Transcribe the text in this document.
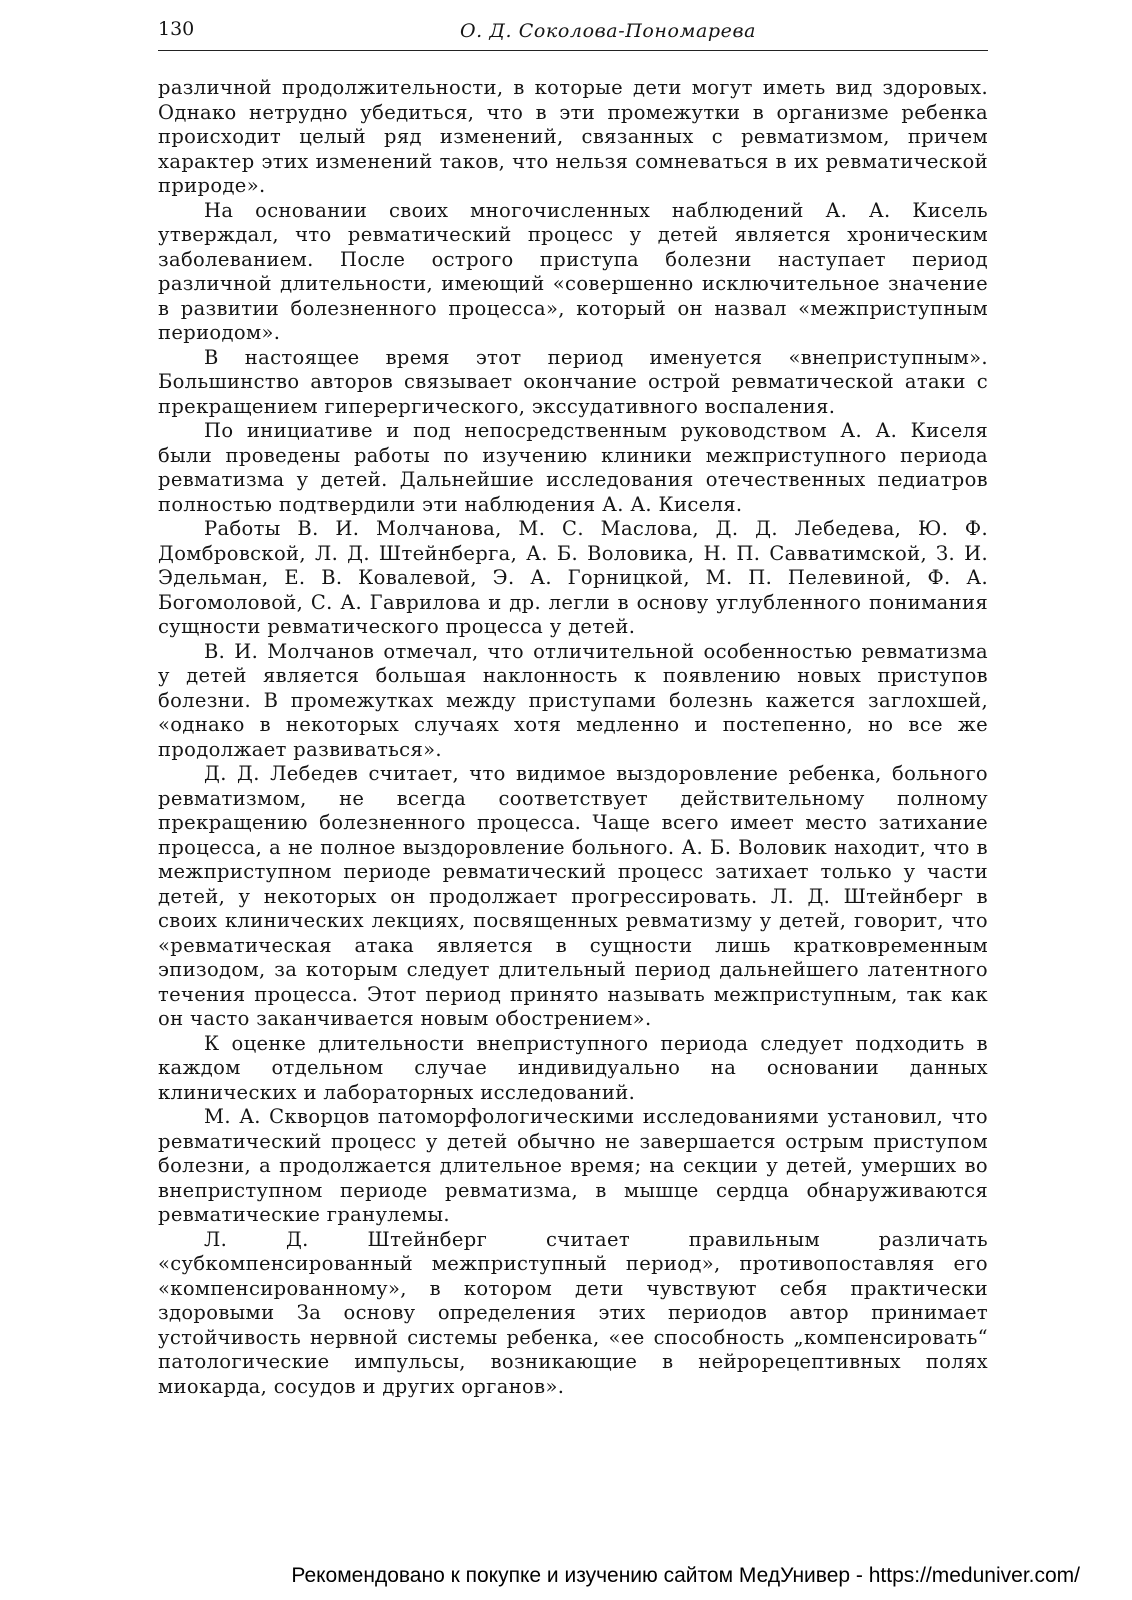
130	О. Д. Соколова-Пономарева

различной продолжительности, в которые дети могут иметь вид здоровых. Однако нетрудно убедиться, что в эти промежутки в организме ребенка происходит целый ряд изменений, связанных с ревматизмом, причем характер этих изменений таков, что нельзя сомневаться в их ревматической природе».

На основании своих многочисленных наблюдений А. А. Кисель утверждал, что ревматический процесс у детей является хроническим заболеванием. После острого приступа болезни наступает период различной длительности, имеющий «совершенно исключительное значение в развитии болезненного процесса», который он назвал «межприступным периодом».

В настоящее время этот период именуется «внеприступным». Большинство авторов связывает окончание острой ревматической атаки с прекращением гиперергического, экссудативного воспаления.

По инициативе и под непосредственным руководством А. А. Киселя были проведены работы по изучению клиники межприступного периода ревматизма у детей. Дальнейшие исследования отечественных педиатров полностью подтвердили эти наблюдения А. А. Киселя.

Работы В. И. Молчанова, М. С. Маслова, Д. Д. Лебедева, Ю. Ф. Домбровской, Л. Д. Штейнберга, А. Б. Воловика, Н. П. Савватимской, З. И. Эдельман, Е. В. Ковалевой, Э. А. Горницкой, М. П. Пелевиной, Ф. А. Богомоловой, С. А. Гаврилова и др. легли в основу углубленного понимания сущности ревматического процесса у детей.

В. И. Молчанов отмечал, что отличительной особенностью ревматизма у детей является большая наклонность к появлению новых приступов болезни. В промежутках между приступами болезнь кажется заглохшей, «однако в некоторых случаях хотя медленно и постепенно, но все же продолжает развиваться».

Д. Д. Лебедев считает, что видимое выздоровление ребенка, больного ревматизмом, не всегда соответствует действительному полному прекращению болезненного процесса. Чаще всего имеет место затихание процесса, а не полное выздоровление больного. А. Б. Воловик находит, что в межприступном периоде ревматический процесс затихает только у части детей, у некоторых он продолжает прогрессировать. Л. Д. Штейнберг в своих клинических лекциях, посвященных ревматизму у детей, говорит, что «ревматическая атака является в сущности лишь кратковременным эпизодом, за которым следует длительный период дальнейшего латентного течения процесса. Этот период принято называть межприступным, так как он часто заканчивается новым обострением».

К оценке длительности внеприступного периода следует подходить в каждом отдельном случае индивидуально на основании данных клинических и лабораторных исследований.

М. А. Скворцов патоморфологическими исследованиями установил, что ревматический процесс у детей обычно не завершается острым приступом болезни, а продолжается длительное время; на секции у детей, умерших во внеприступном периоде ревматизма, в мышце сердца обнаруживаются ревматические гранулемы.

Л. Д. Штейнберг считает правильным различать «субкомпенсированный межприступный период», противопоставляя его «компенсированному», в котором дети чувствуют себя практически здоровыми За основу определения этих периодов автор принимает устойчивость нервной системы ребенка, «ее способность „компенсировать“ патологические импульсы, возникающие в нейрорецептивных полях миокарда, сосудов и других органов».

Рекомендовано к покупке и изучению сайтом МедУнивер - https://meduniver.com/
